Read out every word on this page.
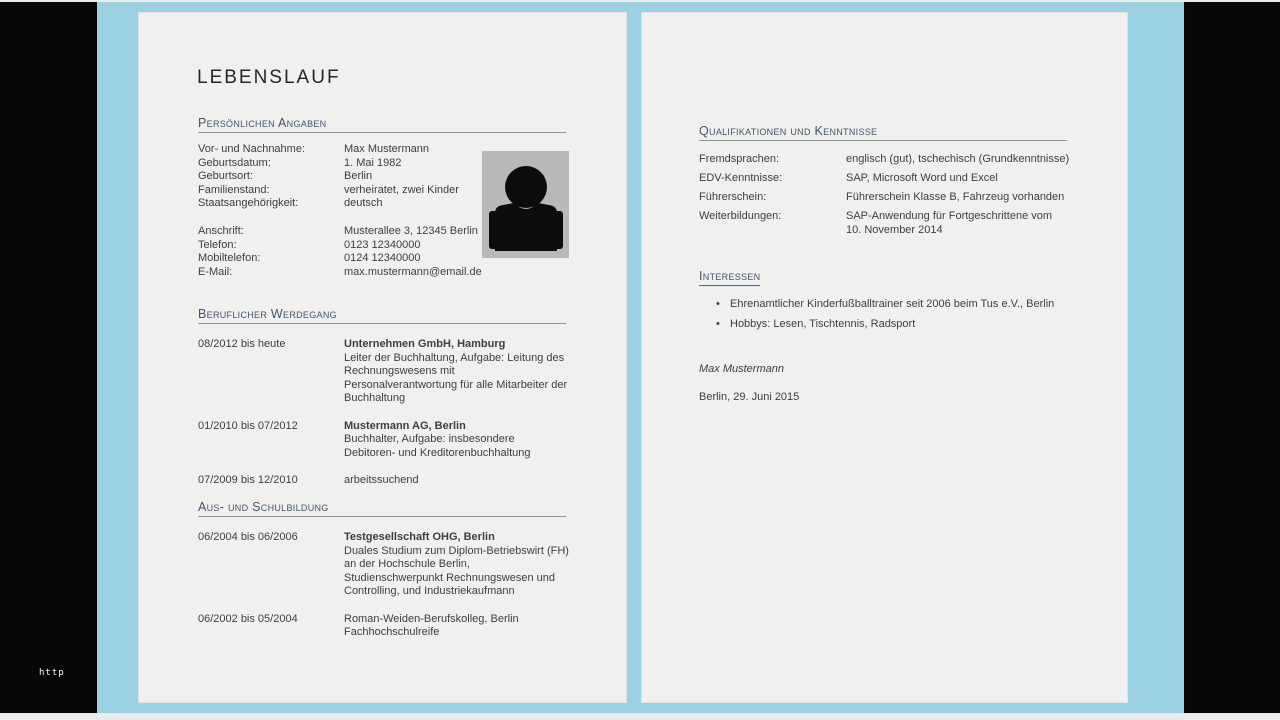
http
LEBENSLAUF
Persönlichen Angaben
Vor- und Nachnahme:	Max Mustermann
Geburtsdatum:	1. Mai 1982
Geburtsort:	Berlin
Familienstand:	verheiratet, zwei Kinder
Staatsangehörigkeit:	deutsch
Anschrift:	Musterallee 3, 12345 Berlin
Telefon:	0123 12340000
Mobiltelefon:	0124 12340000
E-Mail:	max.mustermann@email.de
Beruflicher Werdegang
08/2012 bis heute	Unternehmen GmbH, Hamburg
Leiter der Buchhaltung, Aufgabe: Leitung des Rechnungswesens mit Personalverantwortung für alle Mitarbeiter der Buchhaltung
01/2010 bis 07/2012	Mustermann AG, Berlin
Buchhalter, Aufgabe: insbesondere Debitoren- und Kreditorenbuchhaltung
07/2009 bis 12/2010	arbeitssuchend
Aus- und Schulbildung
06/2004 bis 06/2006	Testgesellschaft OHG, Berlin
Duales Studium zum Diplom-Betriebswirt (FH) an der Hochschule Berlin, Studienschwerpunkt Rechnungswesen und Controlling, und Industriekaufmann
06/2002 bis 05/2004	Roman-Weiden-Berufskolleg, Berlin
Fachhochschulreife
Qualifikationen und Kenntnisse
Fremdsprachen:	englisch (gut), tschechisch (Grundkenntnisse)
EDV-Kenntnisse:	SAP, Microsoft Word und Excel
Führerschein:	Führerschein Klasse B, Fahrzeug vorhanden
Weiterbildungen:	SAP-Anwendung für Fortgeschrittene vom
10. November 2014
Interessen
• Ehrenamtlicher Kinderfußballtrainer seit 2006 beim Tus e.V., Berlin
• Hobbys: Lesen, Tischtennis, Radsport
Max Mustermann
Berlin, 29. Juni 2015
